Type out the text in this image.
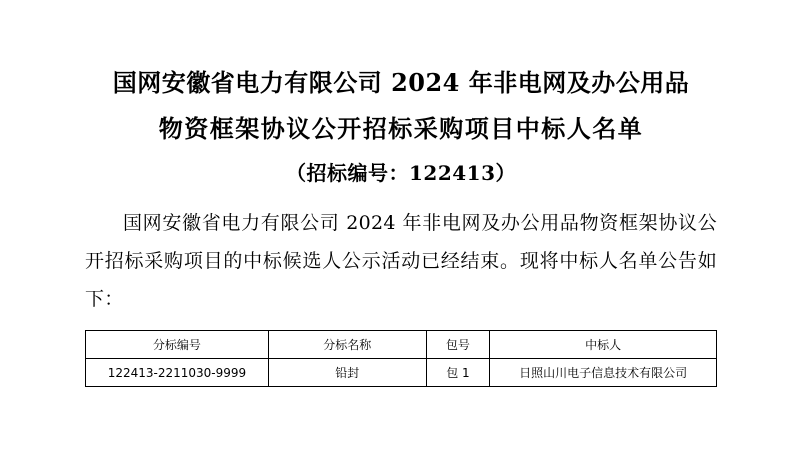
国网安徽省电力有限公司 2024 年非电网及办公用品
物资框架协议公开招标采购项目中标人名单
（招标编号：122413）
国网安徽省电力有限公司 2024 年非电网及办公用品物资框架协议公开招标采购项目的中标候选人公示活动已经结束。现将中标人名单公告如下：
分标编号	分标名称	包号	中标人
122413-2211030-9999	铅封	包 1	日照山川电子信息技术有限公司
